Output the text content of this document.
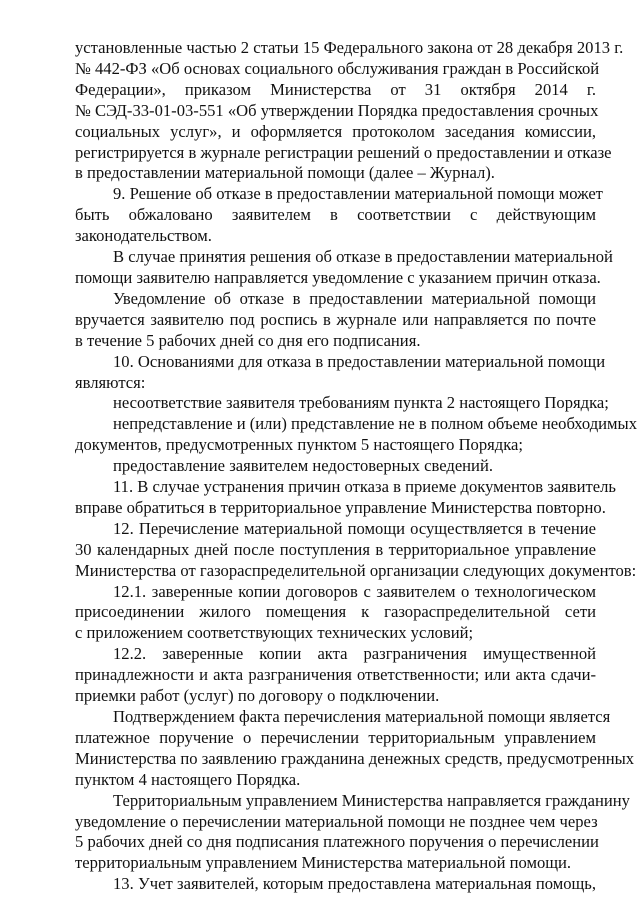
установленные частью 2 статьи 15 Федерального закона от 28 декабря 2013 г.
№ 442-ФЗ «Об основах социального обслуживания граждан в Российской
Федерации», приказом Министерства от 31 октября 2014 г.
№ СЭД-33-01-03-551 «Об утверждении Порядка предоставления срочных
социальных услуг», и оформляется протоколом заседания комиссии,
регистрируется в журнале регистрации решений о предоставлении и отказе
в предоставлении материальной помощи (далее – Журнал).

9. Решение об отказе в предоставлении материальной помощи может
быть обжаловано заявителем в соответствии с действующим
законодательством.

В случае принятия решения об отказе в предоставлении материальной
помощи заявителю направляется уведомление с указанием причин отказа.

Уведомление об отказе в предоставлении материальной помощи
вручается заявителю под роспись в журнале или направляется по почте
в течение 5 рабочих дней со дня его подписания.

10. Основаниями для отказа в предоставлении материальной помощи
являются:

несоответствие заявителя требованиям пункта 2 настоящего Порядка;

непредставление и (или) представление не в полном объеме необходимых
документов, предусмотренных пунктом 5 настоящего Порядка;

предоставление заявителем недостоверных сведений.

11. В случае устранения причин отказа в приеме документов заявитель
вправе обратиться в территориальное управление Министерства повторно.

12. Перечисление материальной помощи осуществляется в течение
30 календарных дней после поступления в территориальное управление
Министерства от газораспределительной организации следующих документов:

12.1. заверенные копии договоров с заявителем о технологическом
присоединении жилого помещения к газораспределительной сети
с приложением соответствующих технических условий;

12.2. заверенные копии акта разграничения имущественной
принадлежности и акта разграничения ответственности; или акта сдачи-
приемки работ (услуг) по договору о подключении.

Подтверждением факта перечисления материальной помощи является
платежное поручение о перечислении территориальным управлением
Министерства по заявлению гражданина денежных средств, предусмотренных
пунктом 4 настоящего Порядка.

Территориальным управлением Министерства направляется гражданину
уведомление о перечислении материальной помощи не позднее чем через
5 рабочих дней со дня подписания платежного поручения о перечислении
территориальным управлением Министерства материальной помощи.

13. Учет заявителей, которым предоставлена материальная помощь,
